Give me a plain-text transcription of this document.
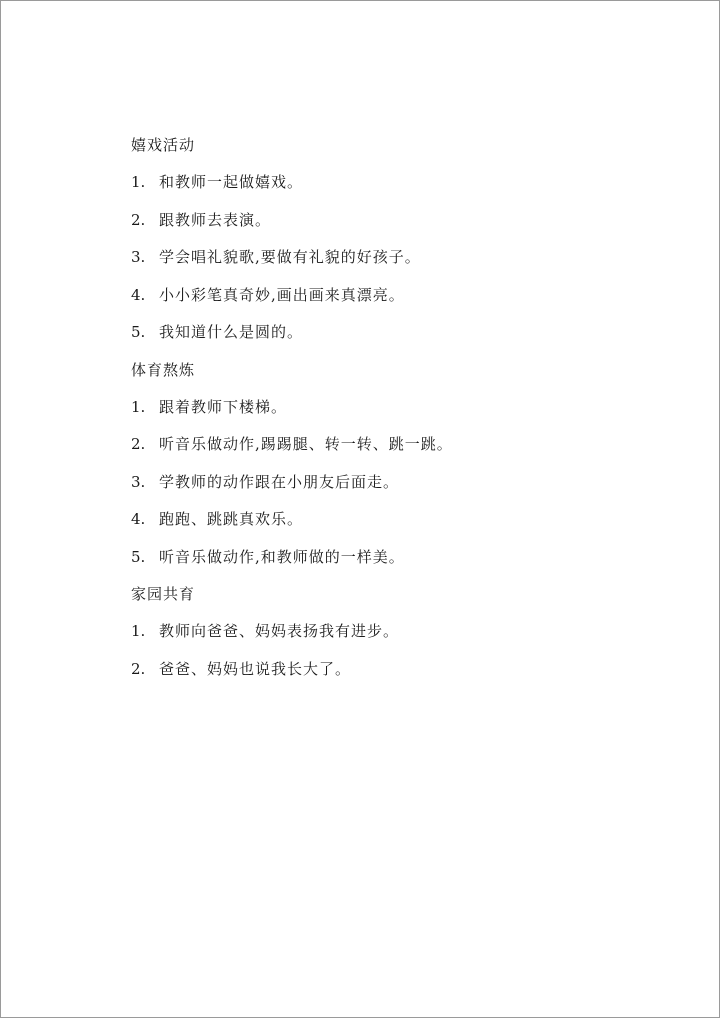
嬉戏活动
1. 和教师一起做嬉戏。
2. 跟教师去表演。
3. 学会唱礼貌歌,要做有礼貌的好孩子。
4. 小小彩笔真奇妙,画出画来真漂亮。
5. 我知道什么是圆的。
体育熬炼
1. 跟着教师下楼梯。
2. 听音乐做动作,踢踢腿、转一转、跳一跳。
3. 学教师的动作跟在小朋友后面走。
4. 跑跑、跳跳真欢乐。
5. 听音乐做动作,和教师做的一样美。
家园共育
1. 教师向爸爸、妈妈表扬我有进步。
2. 爸爸、妈妈也说我长大了。
